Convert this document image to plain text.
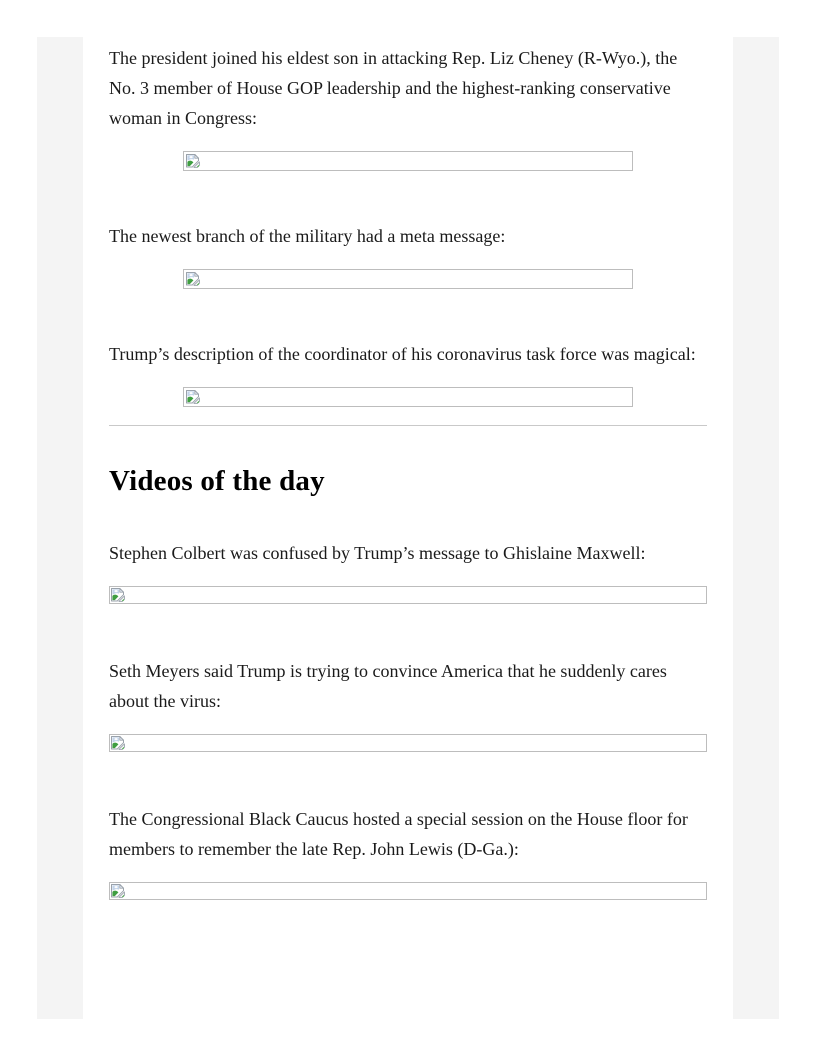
The president joined his eldest son in attacking Rep. Liz Cheney (R-Wyo.), the No. 3 member of House GOP leadership and the highest-ranking conservative woman in Congress:

The newest branch of the military had a meta message:

Trump’s description of the coordinator of his coronavirus task force was magical:

Videos of the day

Stephen Colbert was confused by Trump’s message to Ghislaine Maxwell:

Seth Meyers said Trump is trying to convince America that he suddenly cares about the virus:

The Congressional Black Caucus hosted a special session on the House floor for members to remember the late Rep. John Lewis (D-Ga.):
